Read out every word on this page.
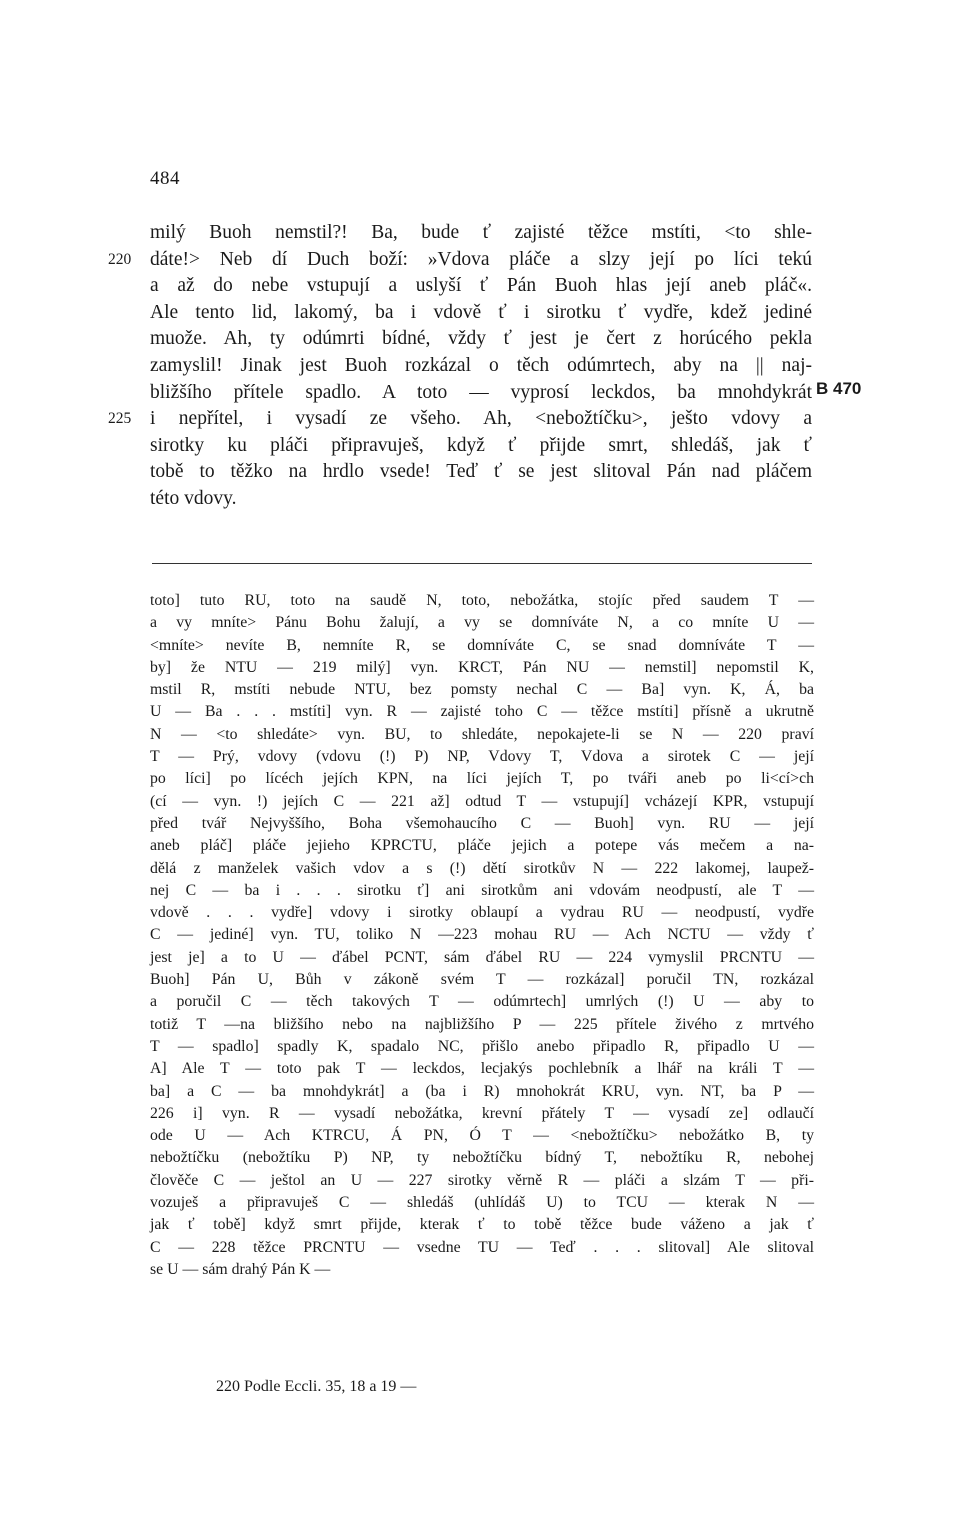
484
220
225
B 470
milý Buoh nemstil?! Ba, bude ť zajisté těžce mstíti, <to shle-
dáte!> Neb dí Duch boží: »Vdova pláče a slzy její po líci tekú
a až do nebe vstupují a uslyší ť Pán Buoh hlas její aneb pláč«.
Ale tento lid, lakomý, ba i vdově ť i sirotku ť vydře, kdež jediné
muože. Ah, ty odúmrti bídné, vždy ť jest je čert z horúcého pekla
zamyslil! Jinak jest Buoh rozkázal o těch odúmrtech, aby na || naj-
bližšího přítele spadlo. A toto — vyprosí leckdos, ba mnohdykrát
i nepřítel, i vysadí ze všeho. Ah, <nebožtíčku>, ješto vdovy a
sirotky ku pláči připravuješ, když ť přijde smrt, shledáš, jak ť
tobě to těžko na hrdlo vsede! Teď ť se jest slitoval Pán nad pláčem
této vdovy.
toto] tuto RU, toto na saudě N, toto, nebožátka, stojíc před saudem T —
a vy mníte> Pánu Bohu žalují, a vy se domníváte N, a co mníte U —
<mníte> nevíte B, nemníte R, se domníváte C, se snad domníváte T —
by] že NTU — 219 milý] vyn. KRCT, Pán NU — nemstil] nepomstil K,
mstil R, mstíti nebude NTU, bez pomsty nechal C — Ba] vyn. K, Á, ba
U — Ba . . . mstíti] vyn. R — zajisté toho C — těžce mstíti] přísně a ukrutně
N — <to shledáte> vyn. BU, to shledáte, nepokajete-li se N — 220 praví
T — Prý, vdovy (vdovu (!) P) NP, Vdovy T, Vdova a sirotek C — její
po líci] po lícéch jejích KPN, na líci jejích T, po tváři aneb po li<cí>ch
(cí — vyn. !) jejích C — 221 až] odtud T — vstupují] vcházejí KPR, vstupují
před tvář Nejvyššího, Boha všemohaucího C — Buoh] vyn. RU — její
aneb pláč] pláče jejieho KPRCTU, pláče jejich a potepe vás mečem a na-
dělá z manželek vašich vdov a s (!) dětí sirotkův N — 222 lakomej, laupež-
nej C — ba i . . . sirotku ť] ani sirotkům ani vdovám neodpustí, ale T —
vdově . . . vydře] vdovy i sirotky oblaupí a vydrau RU — neodpustí, vydře
C — jediné] vyn. TU, toliko N —223 mohau RU — Ach NCTU — vždy ť
jest je] a to U — ďábel PCNT, sám ďábel RU — 224 vymyslil PRCNTU —
Buoh] Pán U, Bůh v zákoně svém T — rozkázal] poručil TN, rozkázal
a poručil C — těch takových T — odúmrtech] umrlých (!) U — aby to
totiž T —na bližšího nebo na najbližšího P — 225 přítele živého z mrtvého
T — spadlo] spadly K, spadalo NC, přišlo anebo připadlo R, připadlo U —
A] Ale T — toto pak T — leckdos, lecjakýs pochlebník a lhář na králi T —
ba] a C — ba mnohdykrát] a (ba i R) mnohokrát KRU, vyn. NT, ba P —
226 i] vyn. R — vysadí nebožátka, krevní přátely T — vysadí ze] odlaučí
ode U — Ach KTRCU, Á PN, Ó T — <nebožtíčku> nebožátko B, ty
nebožtíčku (nebožtíku P) NP, ty nebožtíčku bídný T, nebožtíku R, nebohej
člověče C — ještol an U — 227 sirotky věrně R — pláči a slzám T — při-
vozuješ a připravuješ C — shledáš (uhlídáš U) to TCU — kterak N —
jak ť tobě] když smrt přijde, kterak ť to tobě těžce bude váženo a jak ť
C — 228 těžce PRCNTU — vsedne TU — Teď . . . slitoval] Ale slitoval
se U — sám drahý Pán K —
220 Podle Eccli. 35, 18 a 19 —
